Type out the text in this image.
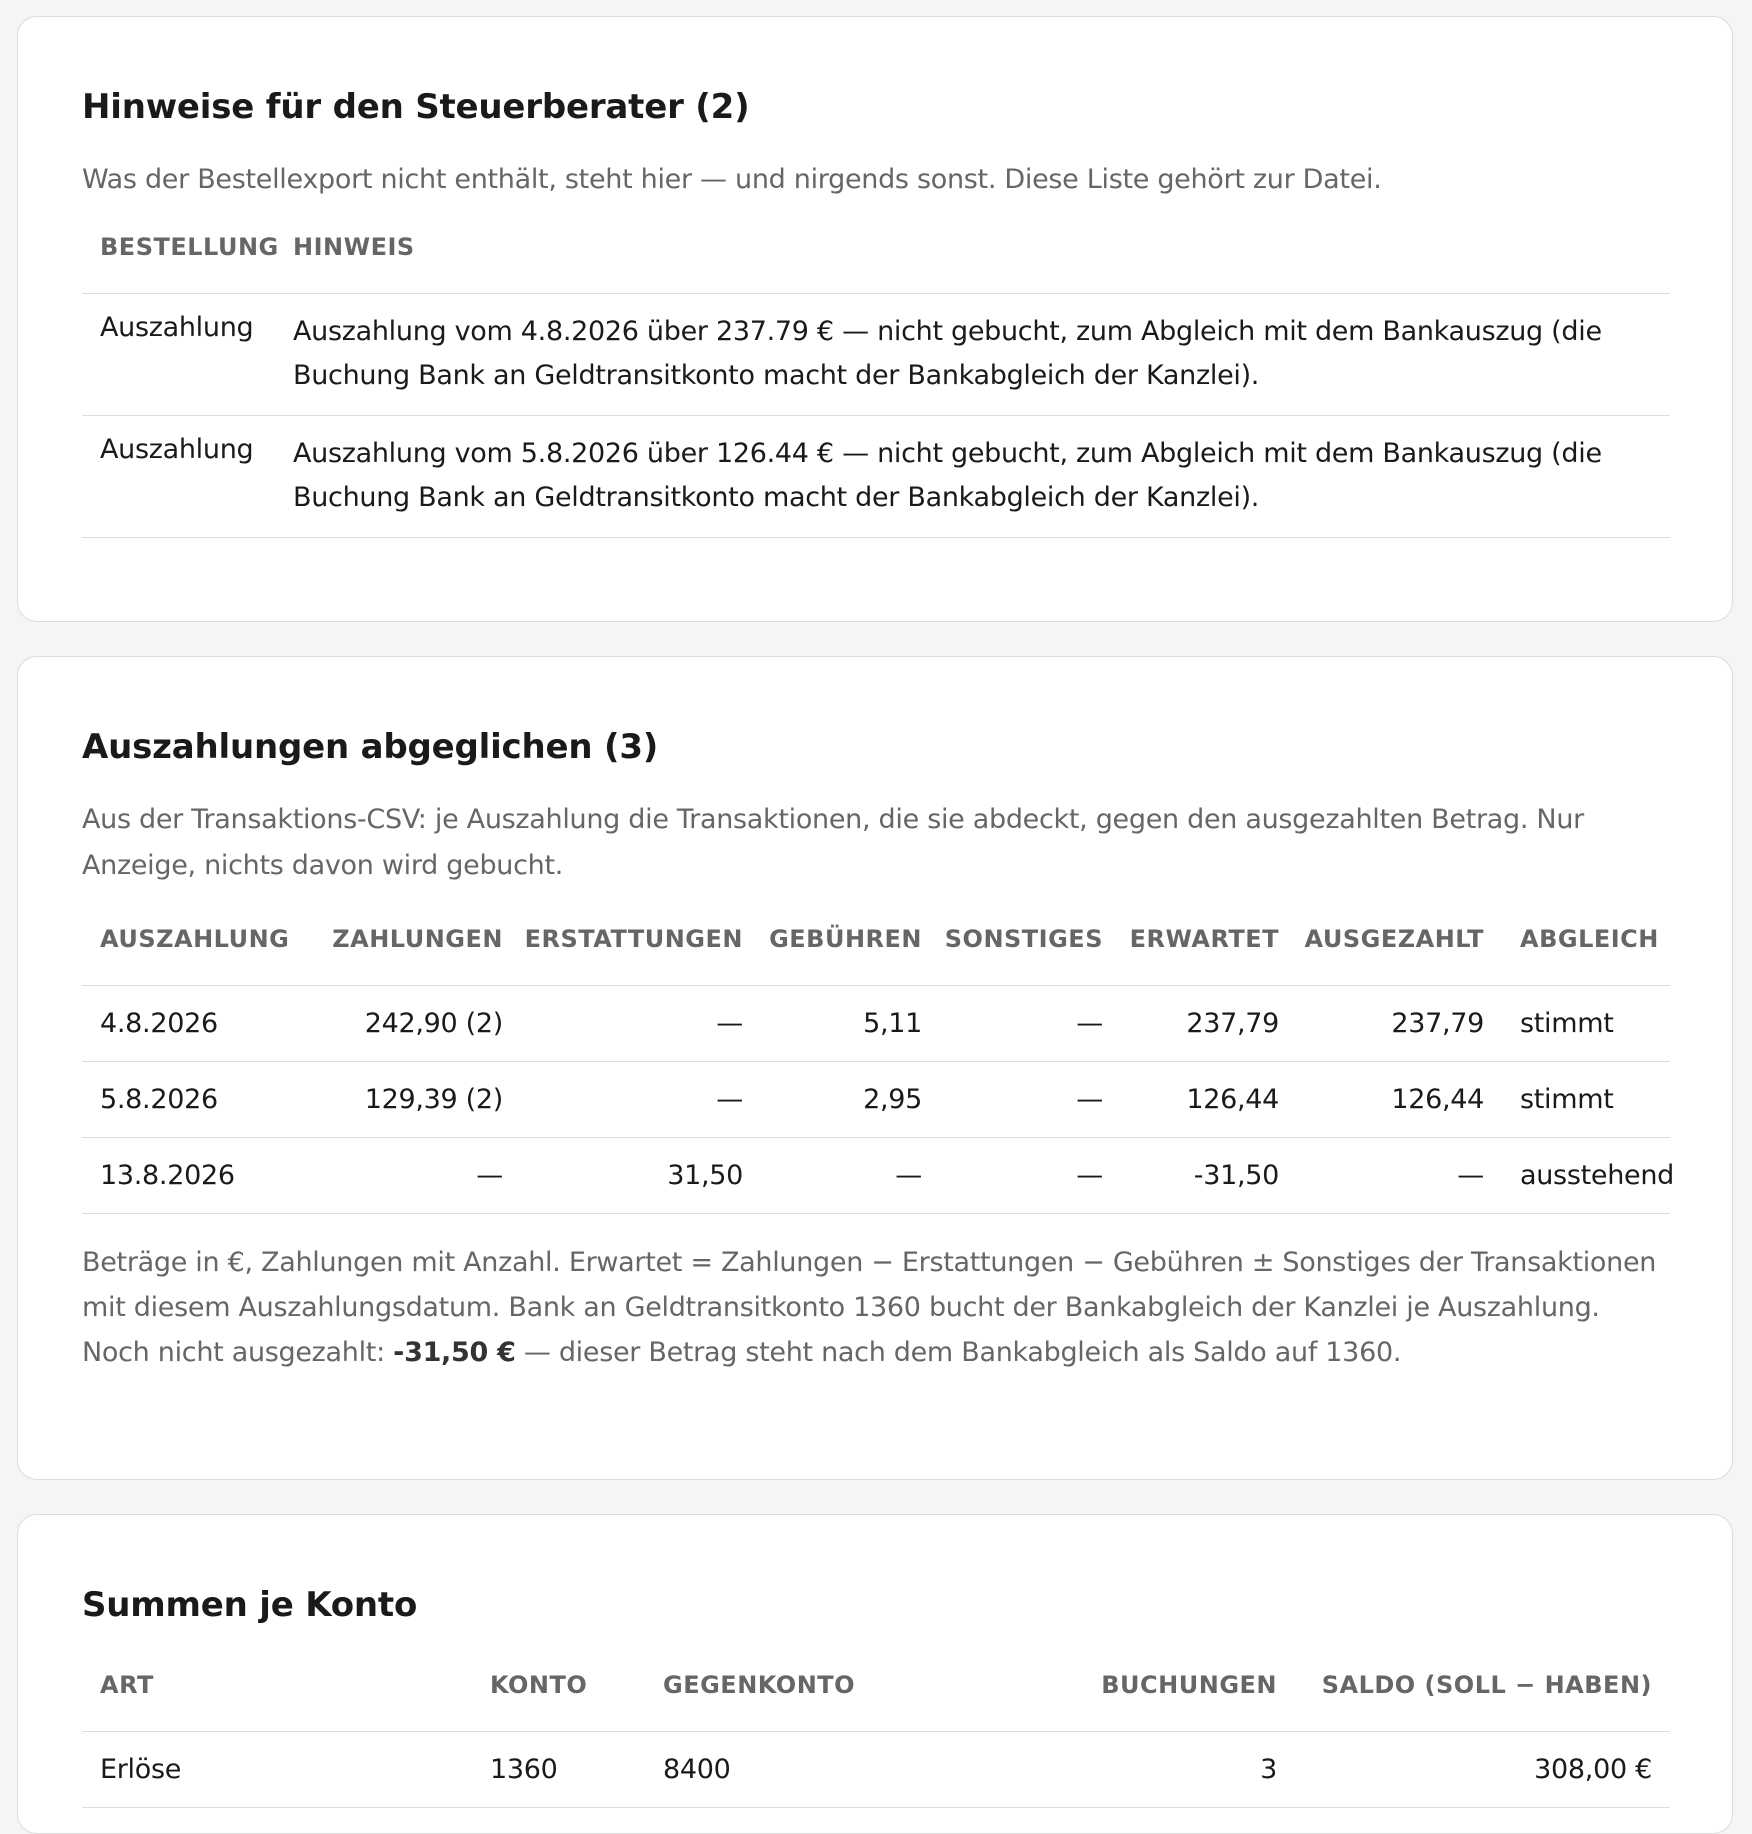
Hinweise für den Steuerberater (2)

Was der Bestellexport nicht enthält, steht hier — und nirgends sonst. Diese Liste gehört zur Datei.

BESTELLUNG	HINWEIS
Auszahlung	Auszahlung vom 4.8.2026 über 237.79 € — nicht gebucht, zum Abgleich mit dem Bankauszug (die Buchung Bank an Geldtransitkonto macht der Bankabgleich der Kanzlei).
Auszahlung	Auszahlung vom 5.8.2026 über 126.44 € — nicht gebucht, zum Abgleich mit dem Bankauszug (die Buchung Bank an Geldtransitkonto macht der Bankabgleich der Kanzlei).
Auszahlungen abgeglichen (3)

Aus der Transaktions-CSV: je Auszahlung die Transaktionen, die sie abdeckt, gegen den ausgezahlten Betrag. Nur Anzeige, nichts davon wird gebucht.

AUSZAHLUNG	ZAHLUNGEN	ERSTATTUNGEN	GEBÜHREN	SONSTIGES	ERWARTET	AUSGEZAHLT	ABGLEICH
4.8.2026	242,90 (2)	—	5,11	—	237,79	237,79	stimmt
5.8.2026	129,39 (2)	—	2,95	—	126,44	126,44	stimmt
13.8.2026	—	31,50	—	—	-31,50	—	ausstehend

Beträge in €, Zahlungen mit Anzahl. Erwartet = Zahlungen − Erstattungen − Gebühren ± Sonstiges der Transaktionen mit diesem Auszahlungsdatum. Bank an Geldtransitkonto 1360 bucht der Bankabgleich der Kanzlei je Auszahlung. Noch nicht ausgezahlt: -31,50 € — dieser Betrag steht nach dem Bankabgleich als Saldo auf 1360.

Summen je Konto
ART	KONTO	GEGENKONTO	BUCHUNGEN	SALDO (SOLL − HABEN)
Erlöse	1360	8400	3	308,00 €
